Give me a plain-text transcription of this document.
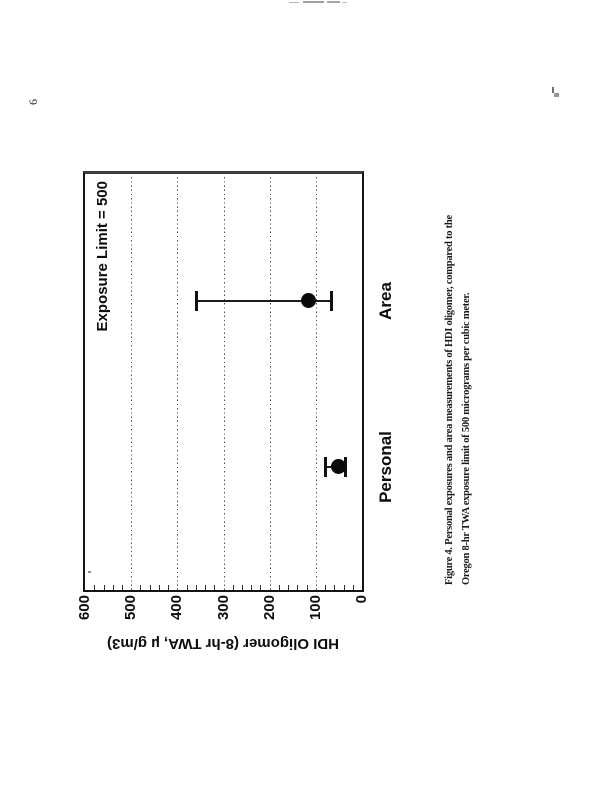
6
Exposure Limit = 500
0
100
200
300
400
500
600
HDI Oligomer (8-hr TWA, µ g/m3)
Personal
Area	Figure 4. Personal exposures and area measurements of HDI oligomer, compared to the Oregon 8-hr TWA exposure limit of 500 micrograms per cubic meter.
